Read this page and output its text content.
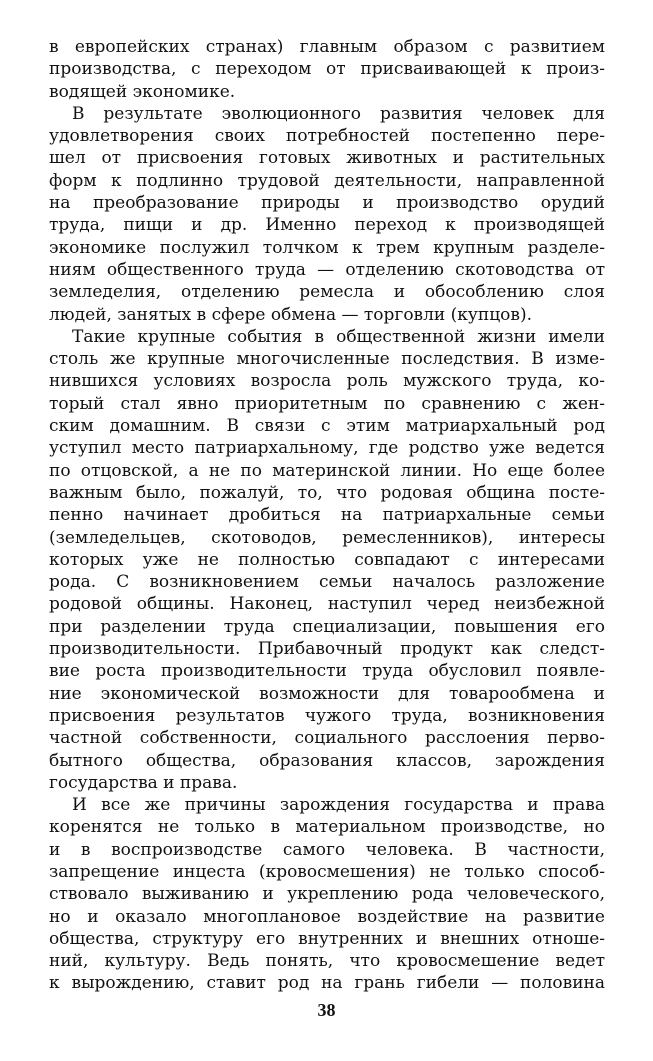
в европейских странах) главным образом с развитием
производства, с переходом от присваивающей к произ-
водящей экономике.
В результате эволюционного развития человек для
удовлетворения своих потребностей постепенно пере-
шел от присвоения готовых животных и растительных
форм к подлинно трудовой деятельности, направленной
на преобразование природы и производство орудий
труда, пищи и др. Именно переход к производящей
экономике послужил толчком к трем крупным разделе-
ниям общественного труда — отделению скотоводства от
земледелия, отделению ремесла и обособлению слоя
людей, занятых в сфере обмена — торговли (купцов).
Такие крупные события в общественной жизни имели
столь же крупные многочисленные последствия. В изме-
нившихся условиях возросла роль мужского труда, ко-
торый стал явно приоритетным по сравнению с жен-
ским домашним. В связи с этим матриархальный род
уступил место патриархальному, где родство уже ведется
по отцовской, а не по материнской линии. Но еще более
важным было, пожалуй, то, что родовая община посте-
пенно начинает дробиться на патриархальные семьи
(земледельцев, скотоводов, ремесленников), интересы
которых уже не полностью совпадают с интересами
рода. С возникновением семьи началось разложение
родовой общины. Наконец, наступил черед неизбежной
при разделении труда специализации, повышения его
производительности. Прибавочный продукт как следст-
вие роста производительности труда обусловил появле-
ние экономической возможности для товарообмена и
присвоения результатов чужого труда, возникновения
частной собственности, социального расслоения перво-
бытного общества, образования классов, зарождения
государства и права.
И все же причины зарождения государства и права
коренятся не только в материальном производстве, но
и в воспроизводстве самого человека. В частности,
запрещение инцеста (кровосмешения) не только способ-
ствовало выживанию и укреплению рода человеческого,
но и оказало многоплановое воздействие на развитие
общества, структуру его внутренних и внешних отноше-
ний, культуру. Ведь понять, что кровосмешение ведет
к вырождению, ставит род на грань гибели — половина
38
